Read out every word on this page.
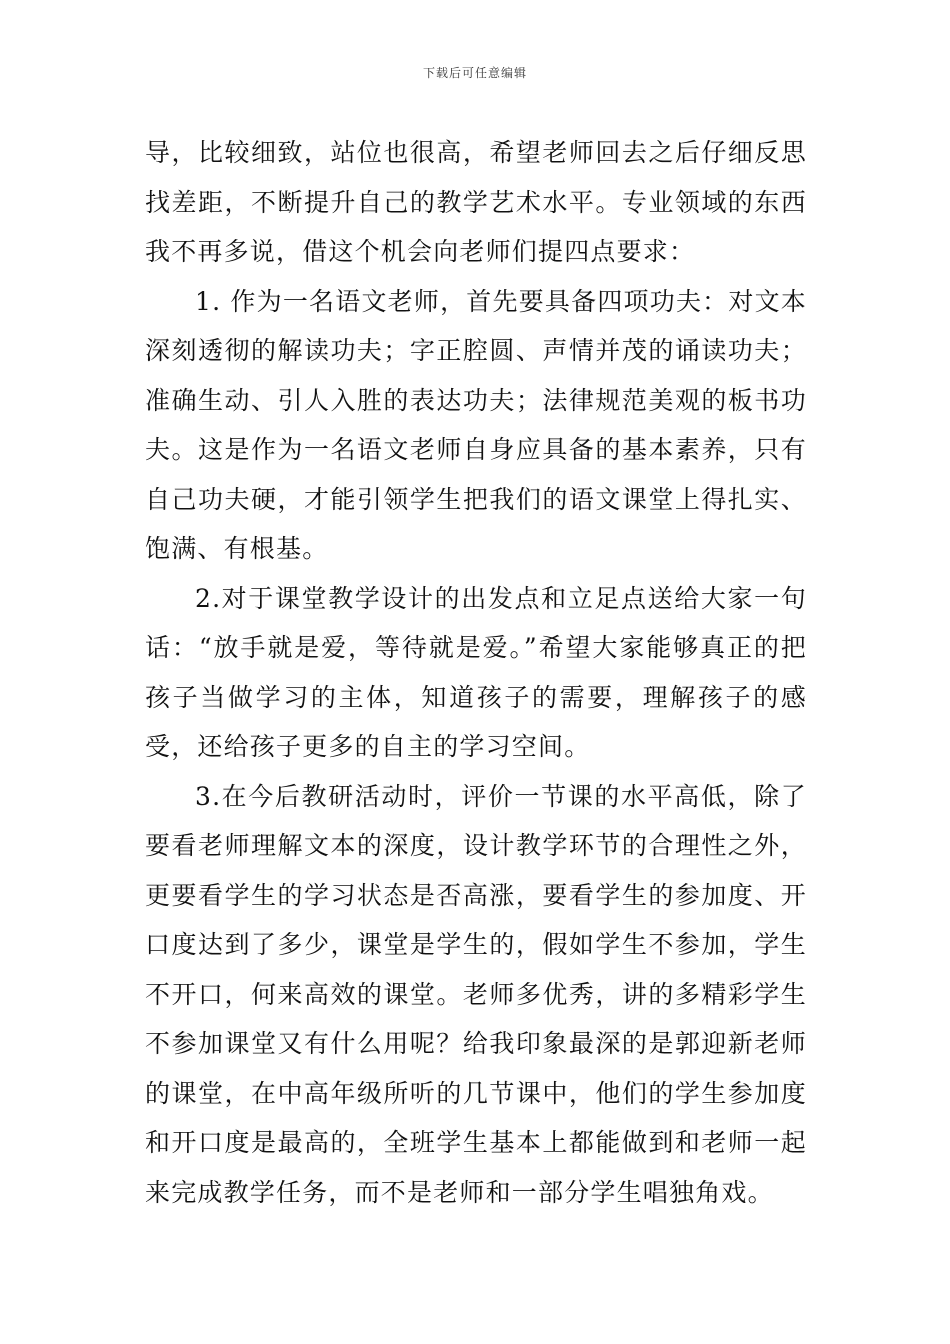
下载后可任意编辑

导，比较细致，站位也很高，希望老师回去之后仔细反思找差距，不断提升自己的教学艺术水平。专业领域的东西我不再多说，借这个机会向老师们提四点要求：

1. 作为一名语文老师，首先要具备四项功夫：对文本深刻透彻的解读功夫；字正腔圆、声情并茂的诵读功夫；准确生动、引人入胜的表达功夫；法律规范美观的板书功夫。这是作为一名语文老师自身应具备的基本素养，只有自己功夫硬，才能引领学生把我们的语文课堂上得扎实、饱满、有根基。

2.对于课堂教学设计的出发点和立足点送给大家一句话：“放手就是爱，等待就是爱。”希望大家能够真正的把孩子当做学习的主体，知道孩子的需要，理解孩子的感受，还给孩子更多的自主的学习空间。

3.在今后教研活动时，评价一节课的水平高低，除了要看老师理解文本的深度，设计教学环节的合理性之外，更要看学生的学习状态是否高涨，要看学生的参加度、开口度达到了多少，课堂是学生的，假如学生不参加，学生不开口，何来高效的课堂。老师多优秀，讲的多精彩学生不参加课堂又有什么用呢？给我印象最深的是郭迎新老师的课堂，在中高年级所听的几节课中，他们的学生参加度和开口度是最高的，全班学生基本上都能做到和老师一起来完成教学任务，而不是老师和一部分学生唱独角戏。
